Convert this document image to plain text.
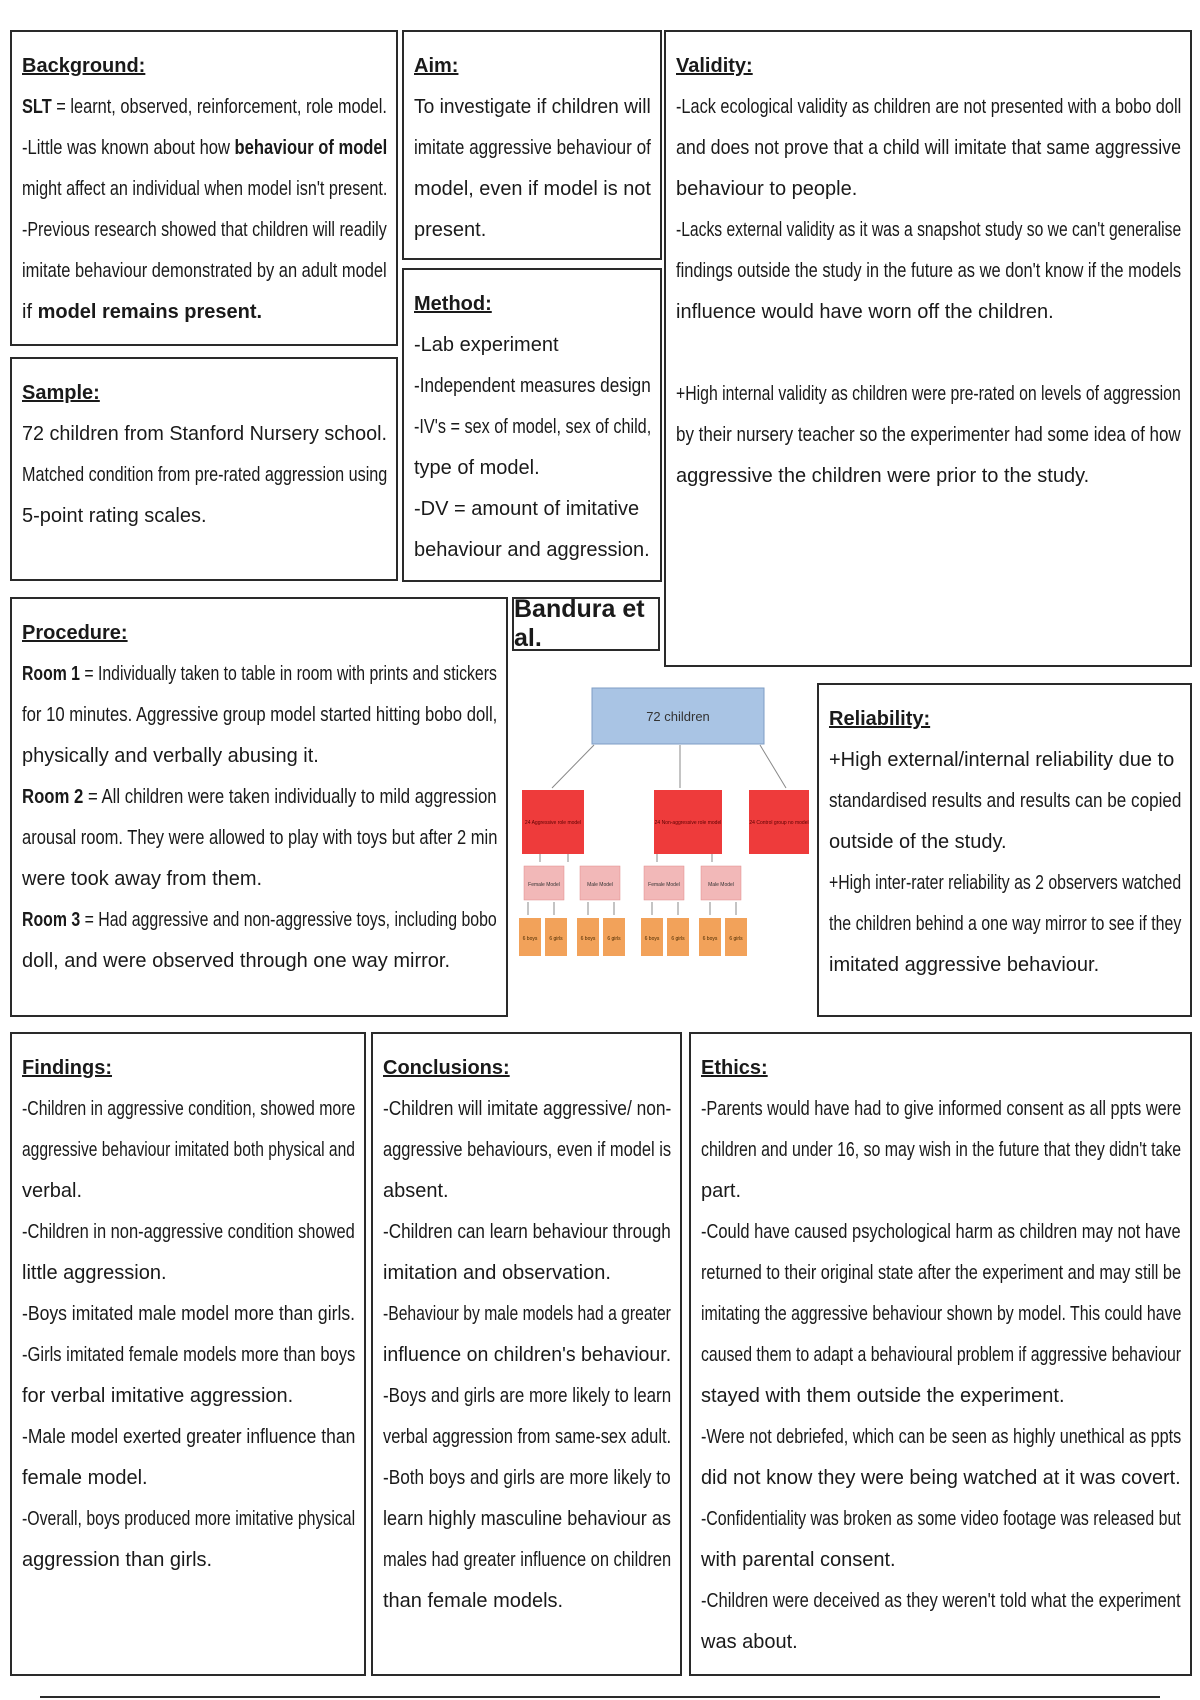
Background:

SLT = learnt, observed, reinforcement, role model.

-Little was known about how behaviour of model

might affect an individual when model isn't present.

-Previous research showed that children will readily

imitate behaviour demonstrated by an adult model

if model remains present.

Aim:

To investigate if children will

imitate aggressive behaviour of

model, even if model is not

present.

Validity:

-Lack ecological validity as children are not presented with a bobo doll

and does not prove that a child will imitate that same aggressive

behaviour to people.

-Lacks external validity as it was a snapshot study so we can't generalise

findings outside the study in the future as we don't know if the models

influence would have worn off the children.

+High internal validity as children were pre-rated on levels of aggression

by their nursery teacher so the experimenter had some idea of how

aggressive the children were prior to the study.

Sample:

72 children from Stanford Nursery school.

Matched condition from pre-rated aggression using

5-point rating scales.

Method:

-Lab experiment

-Independent measures design

-IV's = sex of model, sex of child,

type of model.

-DV = amount of imitative

behaviour and aggression.

Procedure:

Room 1 = Individually taken to table in room with prints and stickers

for 10 minutes. Aggressive group model started hitting bobo doll,

physically and verbally abusing it.

Room 2 = All children were taken individually to mild aggression

arousal room. They were allowed to play with toys but after 2 min

were took away from them.

Room 3 = Had aggressive and non-aggressive toys, including bobo

doll, and were observed through one way mirror.

Bandura et al.
72 children
24 Aggressive role model	24 Non-aggressive role model	24 Control group no model
Female Model	Male Model	Female Model	Male Model
6 boys 6 girls	6 boys 6 girls	6 boys 6 girls	6 boys 6 girls
Reliability:

+High external/internal reliability due to

standardised results and results can be copied

outside of the study.

+High inter-rater reliability as 2 observers watched

the children behind a one way mirror to see if they

imitated aggressive behaviour.

Findings:

-Children in aggressive condition, showed more

aggressive behaviour imitated both physical and

verbal.

-Children in non-aggressive condition showed

little aggression.

-Boys imitated male model more than girls.

-Girls imitated female models more than boys

for verbal imitative aggression.

-Male model exerted greater influence than

female model.

-Overall, boys produced more imitative physical

aggression than girls.

Conclusions:

-Children will imitate aggressive/ non-

aggressive behaviours, even if model is

absent.

-Children can learn behaviour through

imitation and observation.

-Behaviour by male models had a greater

influence on children's behaviour.

-Boys and girls are more likely to learn

verbal aggression from same-sex adult.

-Both boys and girls are more likely to

learn highly masculine behaviour as

males had greater influence on children

than female models.

Ethics:

-Parents would have had to give informed consent as all ppts were

children and under 16, so may wish in the future that they didn't take

part.

-Could have caused psychological harm as children may not have

returned to their original state after the experiment and may still be

imitating the aggressive behaviour shown by model. This could have

caused them to adapt a behavioural problem if aggressive behaviour

stayed with them outside the experiment.

-Were not debriefed, which can be seen as highly unethical as ppts

did not know they were being watched at it was covert.

-Confidentiality was broken as some video footage was released but

with parental consent.

-Children were deceived as they weren't told what the experiment

was about.
